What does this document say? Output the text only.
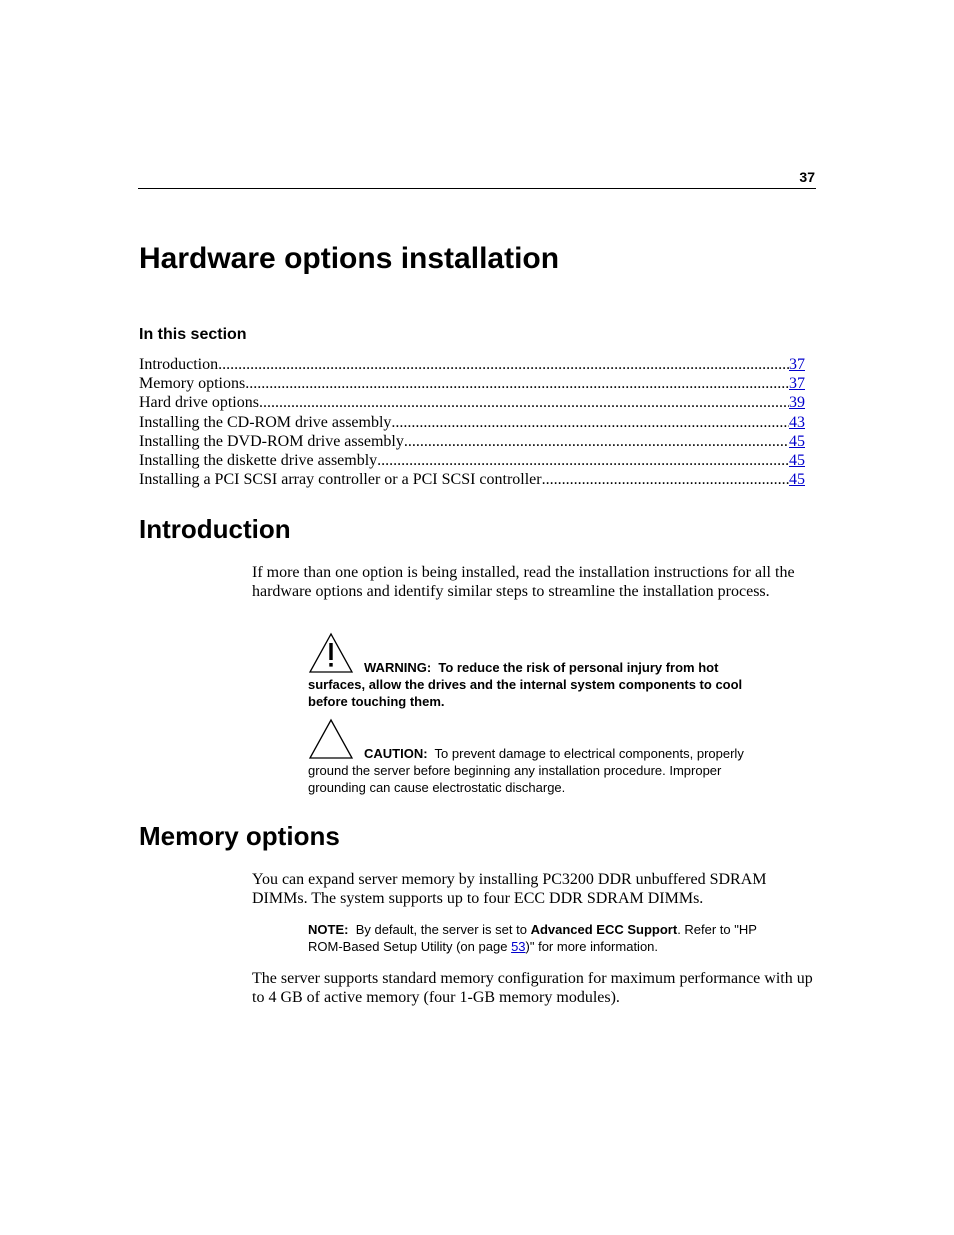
37
Hardware options installation
In this section
Introduction .....	37
Memory options .....	37
Hard drive options .....	39
Installing the CD-ROM drive assembly .....	43
Installing the DVD-ROM drive assembly .....	45
Installing the diskette drive assembly .....	45
Installing a PCI SCSI array controller or a PCI SCSI controller .....	45
Introduction

If more than one option is being installed, read the installation instructions for all the hardware options and identify similar steps to streamline the installation process.

WARNING: To reduce the risk of personal injury from hot surfaces, allow the drives and the internal system components to cool before touching them.
CAUTION: To prevent damage to electrical components, properly ground the server before beginning any installation procedure. Improper grounding can cause electrostatic discharge.
Memory options

You can expand server memory by installing PC3200 DDR unbuffered SDRAM DIMMs. The system supports up to four ECC DDR SDRAM DIMMs.

NOTE: By default, the server is set to Advanced ECC Support. Refer to "HP ROM-Based Setup Utility (on page 53)" for more information.

The server supports standard memory configuration for maximum performance with up to 4 GB of active memory (four 1-GB memory modules).
